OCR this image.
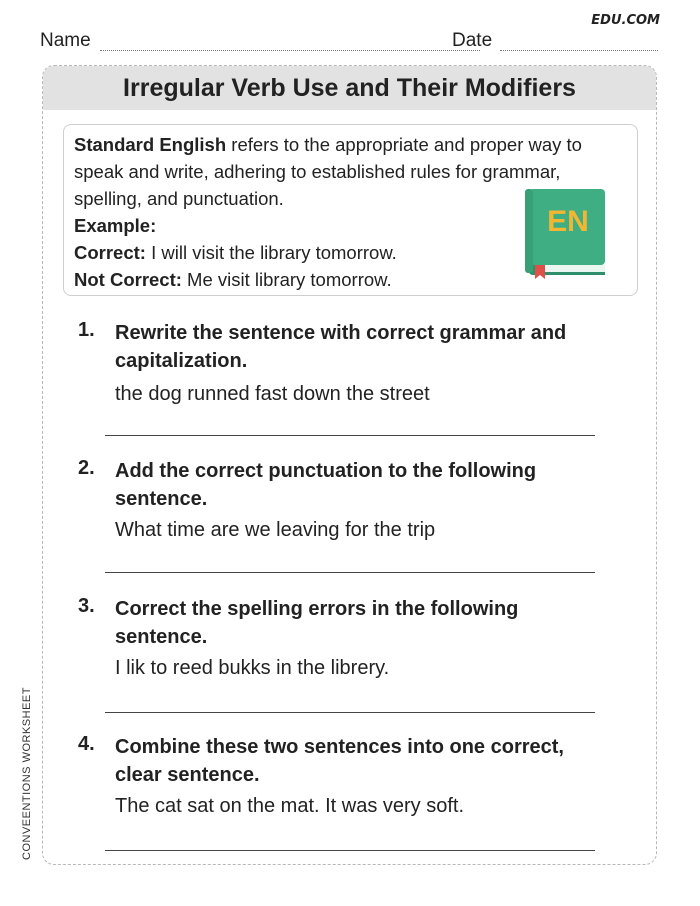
EDU.COM
Name	Date
Irregular Verb Use and Their Modifiers
Standard English refers to the appropriate and proper way to speak and write, adhering to established rules for grammar, spelling, and punctuation.
Example:
Correct: I will visit the library tomorrow.
Not Correct: Me visit library tomorrow.
EN
1. Rewrite the sentence with correct grammar and capitalization.
the dog runned fast down the street
2. Add the correct punctuation to the following sentence.
What time are we leaving for the trip
3. Correct the spelling errors in the following sentence.
I lik to reed bukks in the librery.
4. Combine these two sentences into one correct, clear sentence.
The cat sat on the mat. It was very soft.
CONVEENTIONS WORKSHEET
